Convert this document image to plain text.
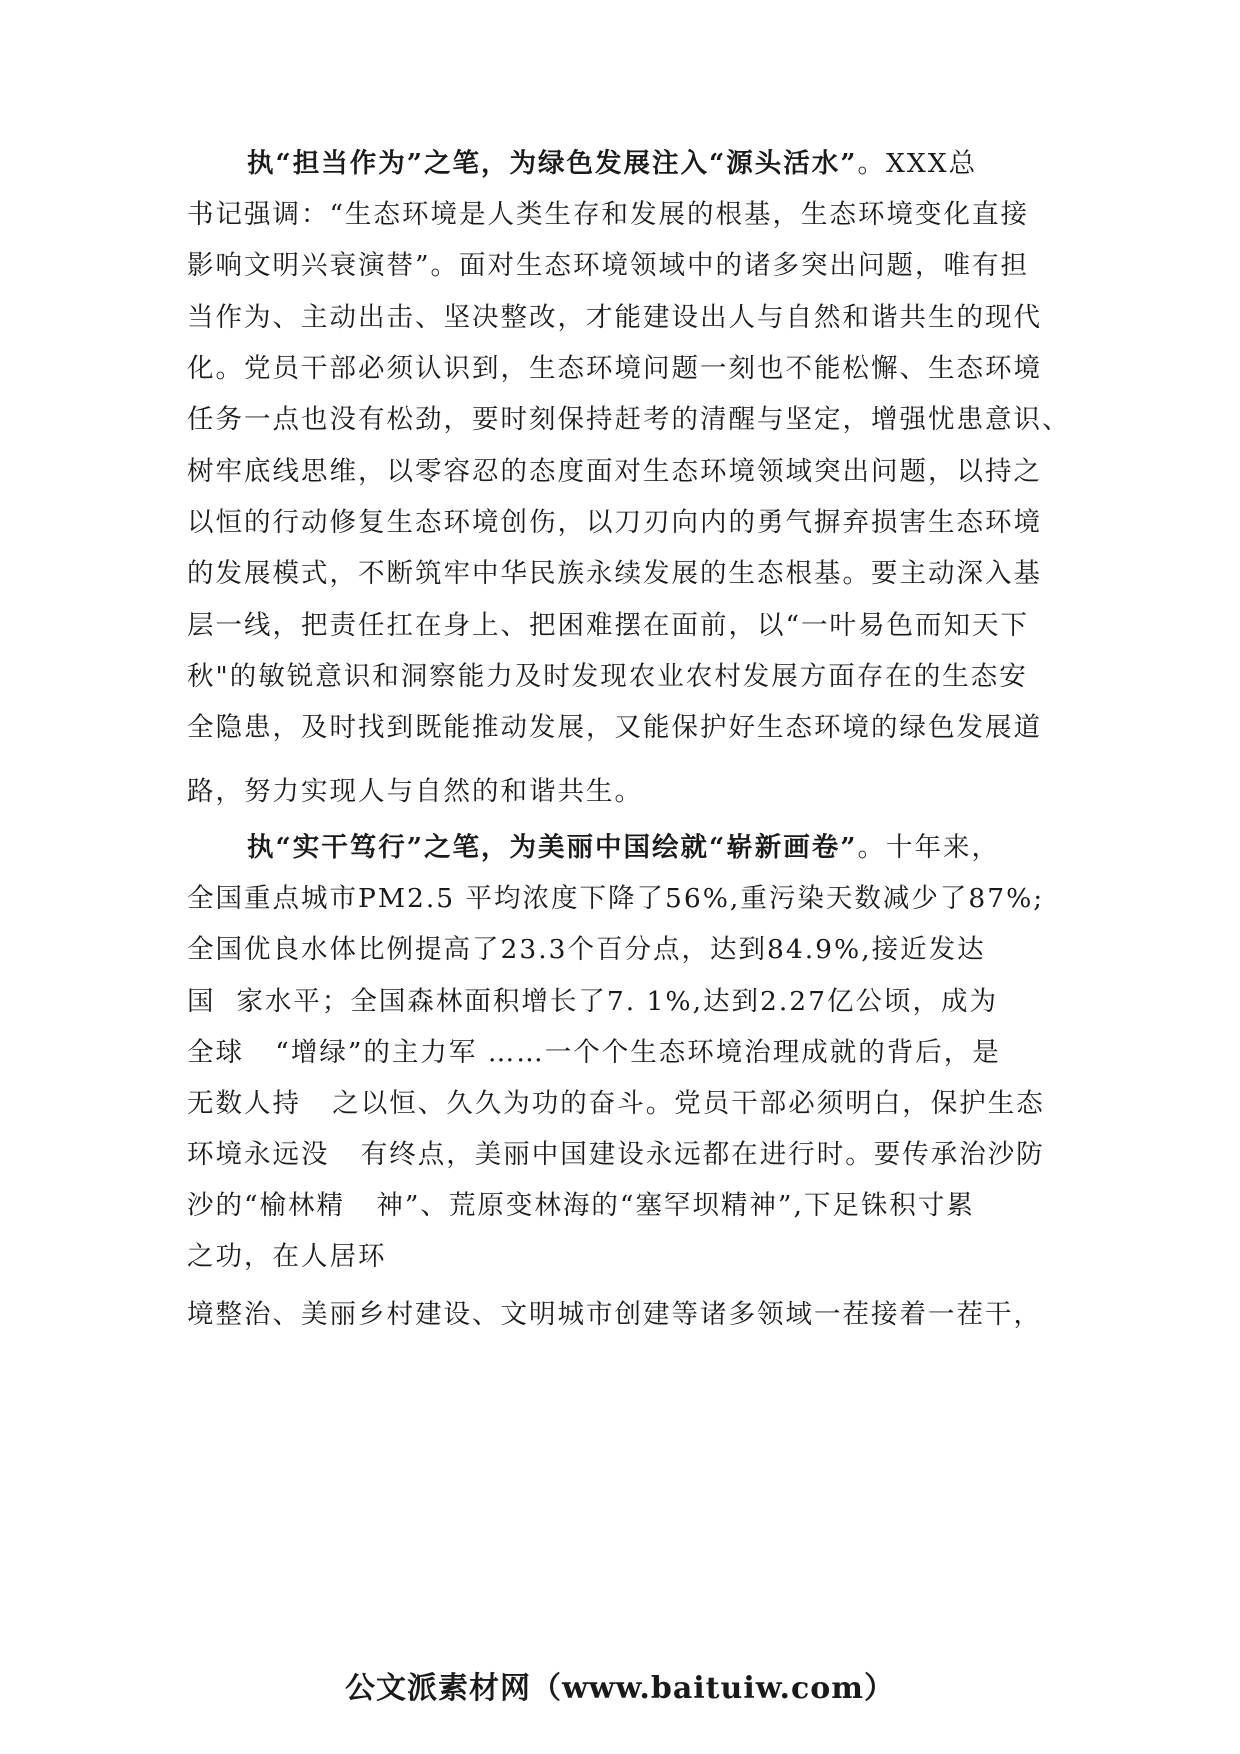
执“担当作为”之笔，为绿色发展注入“源头活水”。XXX总
书记强调：“生态环境是人类生存和发展的根基，生态环境变化直接
影响文明兴衰演替”。面对生态环境领域中的诸多突出问题，唯有担
当作为、主动出击、坚决整改，才能建设出人与自然和谐共生的现代
化。党员干部必须认识到，生态环境问题一刻也不能松懈、生态环境
任务一点也没有松劲，要时刻保持赶考的清醒与坚定，增强忧患意识、
树牢底线思维，以零容忍的态度面对生态环境领域突出问题，以持之
以恒的行动修复生态环境创伤，以刀刃向内的勇气摒弃损害生态环境
的发展模式，不断筑牢中华民族永续发展的生态根基。要主动深入基
层一线，把责任扛在身上、把困难摆在面前，以“一叶易色而知天下
秋"的敏锐意识和洞察能力及时发现农业农村发展方面存在的生态安
全隐患，及时找到既能推动发展，又能保护好生态环境的绿色发展道
路，努力实现人与自然的和谐共生。
执“实干笃行”之笔，为美丽中国绘就“崭新画卷”。十年来，
全国重点城市PM2.5 平均浓度下降了56%,重污染天数减少了87%;
全国优良水体比例提高了23.3个百分点，达到84.9%,接近发达
国  家水平；全国森林面积增长了7. 1%,达到2.27亿公顷，成为
全球   “增绿”的主力军 ……一个个生态环境治理成就的背后，是
无数人持   之以恒、久久为功的奋斗。党员干部必须明白，保护生态
环境永远没   有终点，美丽中国建设永远都在进行时。要传承治沙防
沙的“榆林精   神”、荒原变林海的“塞罕坝精神”,下足铢积寸累
之功，在人居环
境整治、美丽乡村建设、文明城市创建等诸多领域一茬接着一茬干，
公文派素材网（www.baituiw.com）
